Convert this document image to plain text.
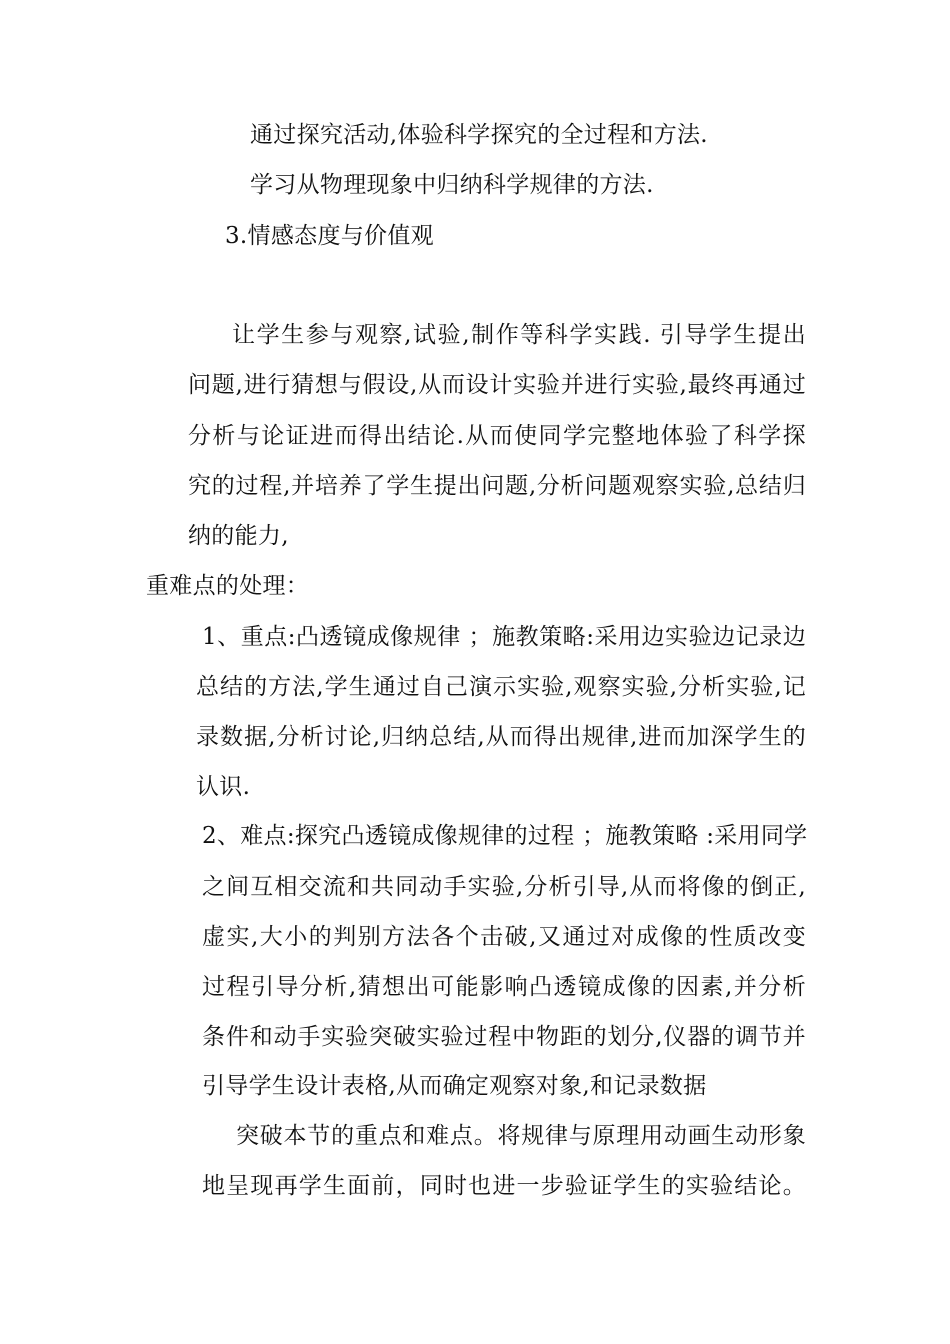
通过探究活动,体验科学探究的全过程和方法.
学习从物理现象中归纳科学规律的方法.
3.情感态度与价值观
让学生参与观察,试验,制作等科学实践. 引导学生提出
问题,进行猜想与假设,从而设计实验并进行实验,最终再通过
分析与论证进而得出结论.从而使同学完整地体验了科学探
究的过程,并培养了学生提出问题,分析问题观察实验,总结归
纳的能力,
重难点的处理：
1、重点:凸透镜成像规律 ；施教策略:采用边实验边记录边
总结的方法,学生通过自己演示实验,观察实验,分析实验,记
录数据,分析讨论,归纳总结,从而得出规律,进而加深学生的
认识.
2、难点:探究凸透镜成像规律的过程 ；施教策略 :采用同学
之间互相交流和共同动手实验,分析引导,从而将像的倒正,
虚实,大小的判别方法各个击破,又通过对成像的性质改变
过程引导分析,猜想出可能影响凸透镜成像的因素,并分析
条件和动手实验突破实验过程中物距的划分,仪器的调节并
引导学生设计表格,从而确定观察对象,和记录数据
突破本节的重点和难点。将规律与原理用动画生动形象
地呈现再学生面前，同时也进一步验证学生的实验结论。
